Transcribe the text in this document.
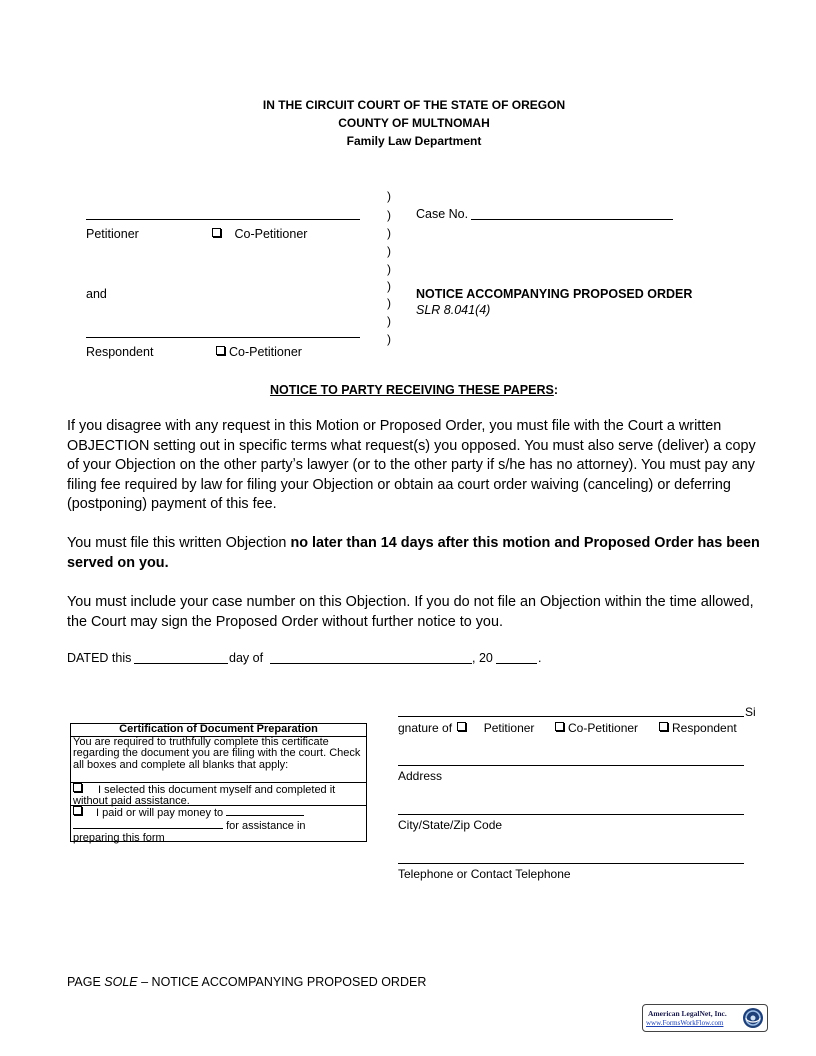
IN THE CIRCUIT COURT OF THE STATE OF OREGON
COUNTY OF MULTNOMAH
Family Law Department
Petitioner	Co-Petitioner
and
Respondent	Co-Petitioner
)
)
)
)
)
)
)
)
)
Case No.
NOTICE ACCOMPANYING PROPOSED ORDER
SLR 8.041(4)
NOTICE TO PARTY RECEIVING THESE PAPERS:
If you disagree with any request in this Motion or Proposed Order, you must file with the Court a written OBJECTION setting out in specific terms what request(s) you opposed. You must also serve (deliver) a copy of your Objection on the other partyʼs lawyer (or to the other party if s/he has no attorney). You must pay any filing fee required by law for filing your Objection or obtain aa court order waiving (canceling) or deferring (postponing) payment of this fee.
You must file this written Objection no later than 14 days after this motion and Proposed Order has been served on you.
You must include your case number on this Objection. If you do not file an Objection within the time allowed, the Court may sign the Proposed Order without further notice to you.
DATED this	day of	, 20	.
Certification of Document Preparation
You are required to truthfully complete this certificate regarding the document you are filing with the court. Check all boxes and complete all blanks that apply:
I selected this document myself and completed it without paid assistance.
I paid or will pay money to
for assistance in
preparing this form
Si
gnature of	Petitioner	Co-Petitioner	Respondent
Address
City/State/Zip Code
Telephone or Contact Telephone
PAGE SOLE – NOTICE ACCOMPANYING PROPOSED ORDER
American LegalNet, Inc.
www.FormsWorkFlow.com
